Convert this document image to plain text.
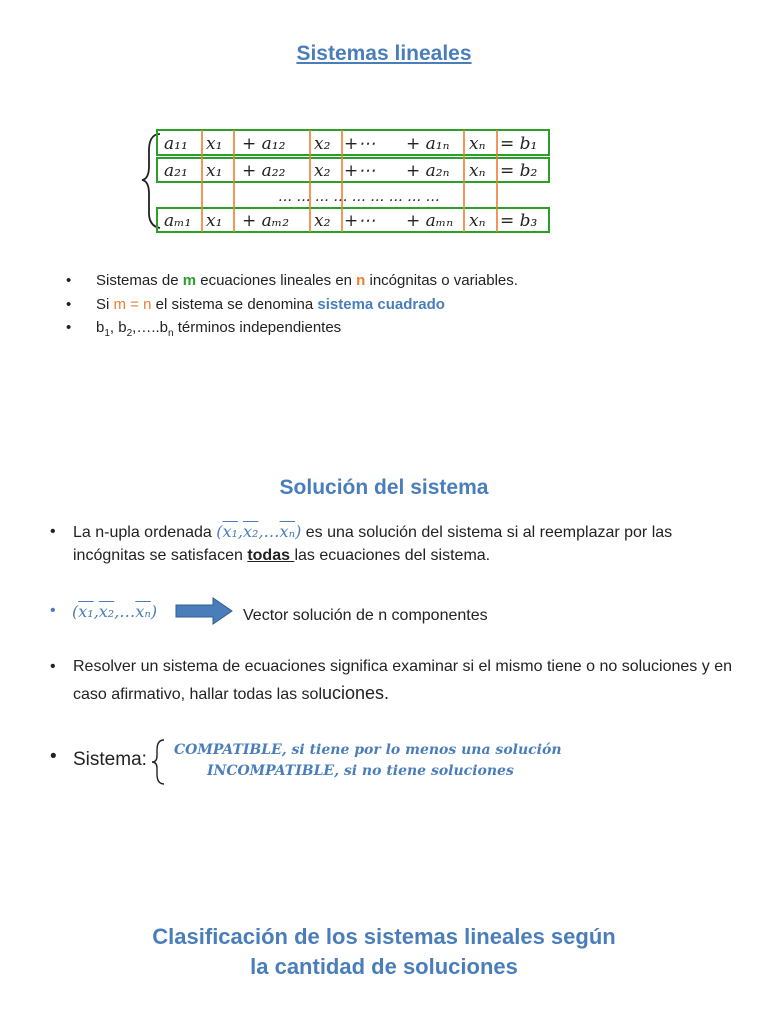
Sistemas lineales
a₁₁ x₁ + a₁₂ x₂ +⋯ + a₁ₙ xₙ = b₁
a₂₁ x₁ + a₂₂ x₂ +⋯ + a₂ₙ xₙ = b₂
… … … … … … … … …
aₘ₁ x₁ + aₘ₂ x₂ +⋯ + aₘₙ xₙ = b₃
• Sistemas de m ecuaciones lineales en n incógnitas o variables.
• Si m = n el sistema se denomina sistema cuadrado
• $b_1$, $b_2,\dots..b_n$ términos independientes
Solución del sistema
• La n-upla ordenada $(x_1,x_2,\dots\overline{x_n})$ es una solución del sistema si al reemplazar por las incógnitas se satisfacen todas las ecuaciones del sistema.
• $(x_1,x_2,\dots\overline{x_n})$	Vector solución de n componentes
• Resolver un sistema de ecuaciones significa examinar si el mismo tiene o no soluciones y en caso afirmativo, hallar todas las soluciones.
• Sistema: COMPATIBLE, si tiene por lo menos una solución
INCOMPATIBLE, si no tiene soluciones
Clasificación de los sistemas lineales según
la cantidad de soluciones
